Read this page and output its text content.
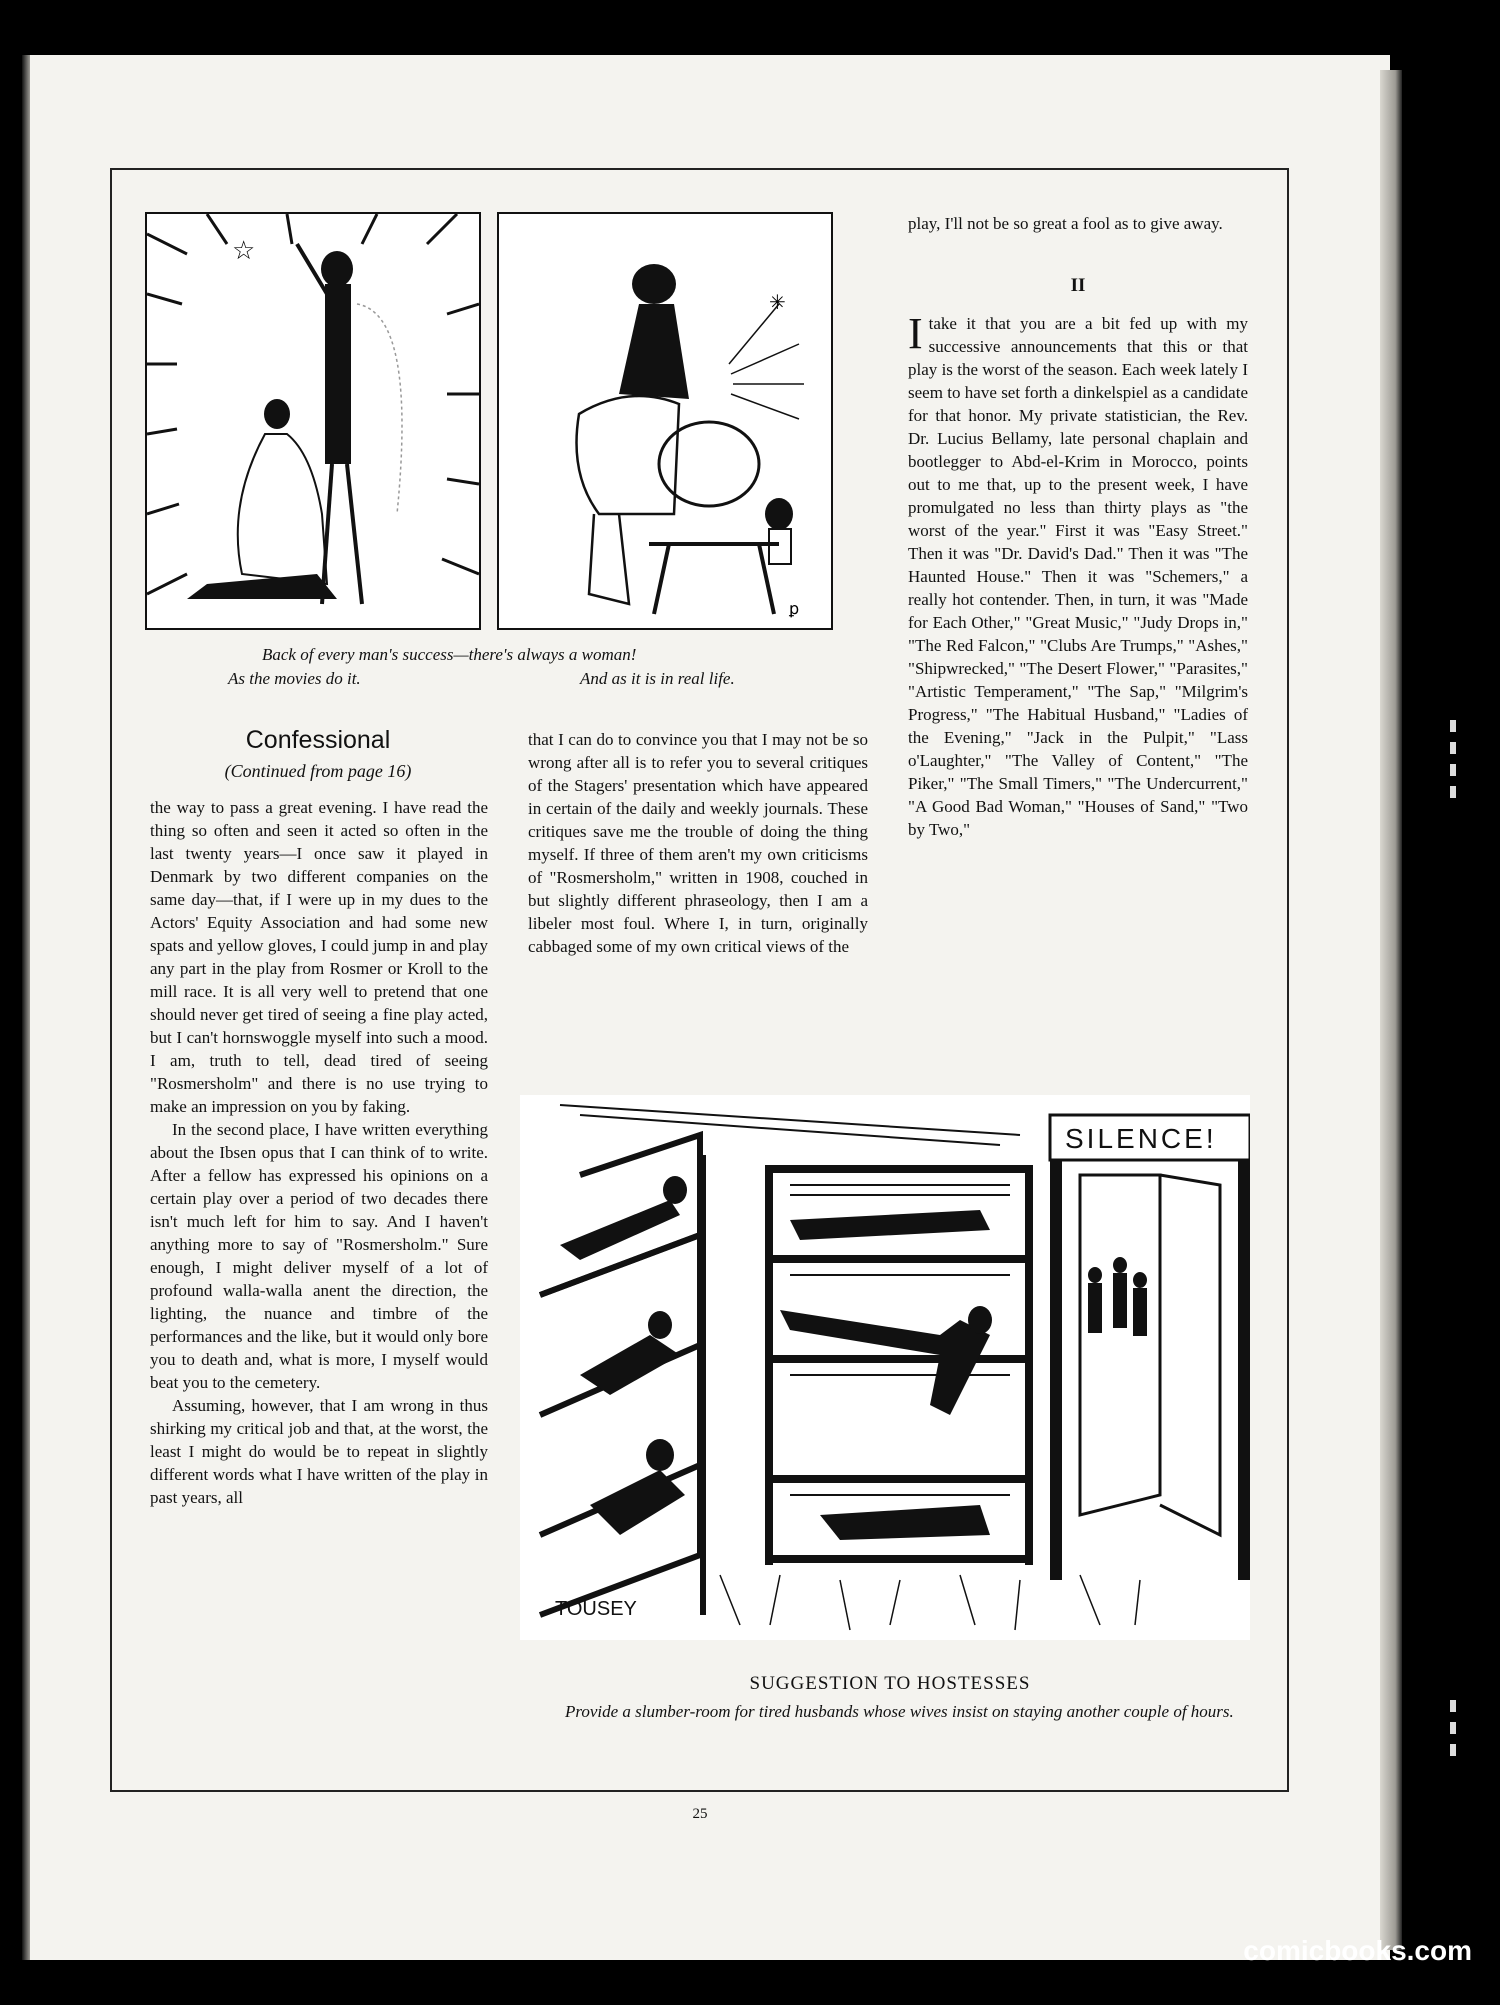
☆
✳
ꝑ
Back of every man's success—there's always a woman!
As the movies do it.	And as it is in real life.
Confessional
(Continued from page 16)

the way to pass a great evening. I have read the thing so often and seen it acted so often in the last twenty years—I once saw it played in Denmark by two different companies on the same day—that, if I were up in my dues to the Actors' Equity Association and had some new spats and yellow gloves, I could jump in and play any part in the play from Rosmer or Kroll to the mill race. It is all very well to pretend that one should never get tired of seeing a fine play acted, but I can't hornswoggle myself into such a mood. I am, truth to tell, dead tired of seeing "Rosmersholm" and there is no use trying to make an impression on you by faking.

In the second place, I have written everything about the Ibsen opus that I can think of to write. After a fellow has expressed his opinions on a certain play over a period of two decades there isn't much left for him to say. And I haven't anything more to say of "Rosmersholm." Sure enough, I might deliver myself of a lot of profound walla-walla anent the direction, the lighting, the nuance and timbre of the performances and the like, but it would only bore you to death and, what is more, I myself would beat you to the cemetery.

Assuming, however, that I am wrong in thus shirking my critical job and that, at the worst, the least I might do would be to repeat in slightly different words what I have written of the play in past years, all

that I can do to convince you that I may not be so wrong after all is to refer you to several critiques of the Stagers' presentation which have appeared in certain of the daily and weekly journals. These critiques save me the trouble of doing the thing myself. If three of them aren't my own criticisms of "Rosmersholm," written in 1908, couched in but slightly different phraseology, then I am a libeler most foul. Where I, in turn, originally cabbaged some of my own critical views of the

play, I'll not be so great a fool as to give away.

II
I take it that you are a bit fed up with my successive announcements that this or that play is the worst of the season. Each week lately I seem to have set forth a dinkelspiel as a candidate for that honor. My private statistician, the Rev. Dr. Lucius Bellamy, late personal chaplain and bootlegger to Abd-el-Krim in Morocco, points out to me that, up to the present week, I have promulgated no less than thirty plays as "the worst of the year." First it was "Easy Street." Then it was "Dr. David's Dad." Then it was "The Haunted House." Then it was "Schemers," a really hot contender. Then, in turn, it was "Made for Each Other," "Great Music," "Judy Drops in," "The Red Falcon," "Clubs Are Trumps," "Ashes," "Shipwrecked," "The Desert Flower," "Parasites," "Artistic Temperament," "The Sap," "Milgrim's Progress," "The Habitual Husband," "Ladies of the Evening," "Jack in the Pulpit," "Lass o'Laughter," "The Valley of Content," "The Piker," "The Small Timers," "The Undercurrent," "A Good Bad Woman," "Houses of Sand," "Two by Two,"
SILENCE!
TOUSEY
SUGGESTION TO HOSTESSES
Provide a slumber-room for tired husbands whose wives insist on staying another couple of hours.
25
comicbooks.com
